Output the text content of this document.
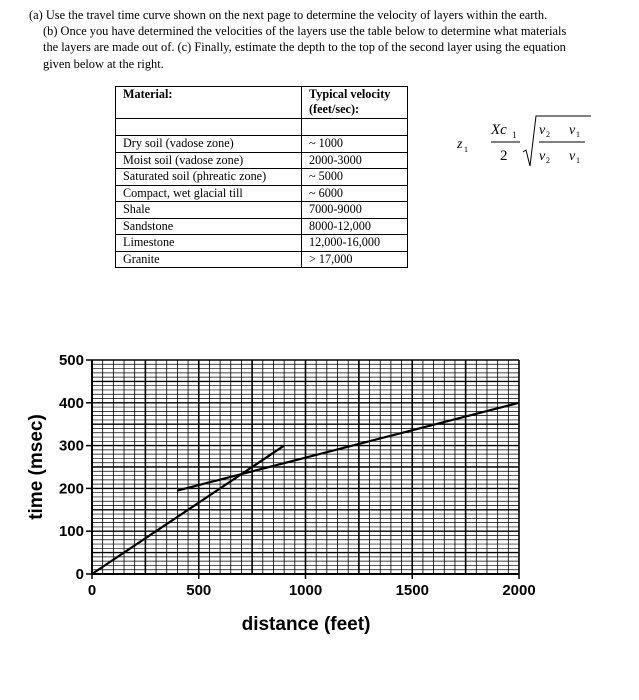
(a) Use the travel time curve shown on the next page to determine the velocity of layers within the earth.

(b) Once you have determined the velocities of the layers use the table below to determine what materials

the layers are made out of. (c) Finally, estimate the depth to the top of the second layer using the equation

given below at the right.

Material:	Typical velocity
(feet/sec):

Dry soil (vadose zone)	~ 1000
Moist soil (vadose zone)	2000-3000
Saturated soil (phreatic zone)	~ 5000
Compact, wet glacial till	~ 6000
Shale	7000-9000
Sandstone	8000-12,000
Limestone	12,000-16,000
Granite	> 17,000
z 1
Xc 1
2
v 2 v 1
v 2 v 1
0	500	1000	1500	2000
0
100
200
300
400
500
distance (feet)
time (msec)
